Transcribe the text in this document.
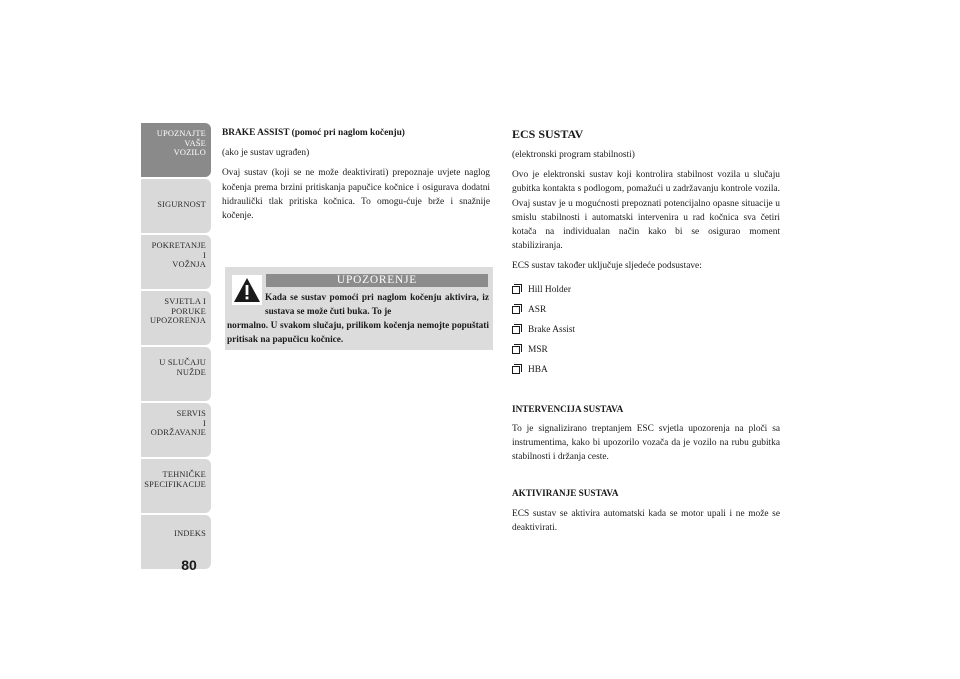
UPOZNAJTE
VAŠE
VOZILO
SIGURNOST
POKRETANJE
I
VOŽNJA
SVJETLA I
PORUKE
UPOZORENJA
U SLUČAJU
NUŽDE
SERVIS
I
ODRŽAVANJE
TEHNIČKE
SPECIFIKACIJE
INDEKS
80

BRAKE ASSIST (pomoć pri naglom kočenju)

(ako je sustav ugrađen)

Ovaj sustav (koji se ne može deaktivirati) prepoznaje uvjete naglog kočenja prema brzini pritiskanja papučice kočnice i osigurava dodatni hidraulički tlak pritiska kočnica. To omogu-ćuje brže i snažnije kočenje.

UPOZORENJE
Kada se sustav pomoći pri naglom kočenju aktivira, iz sustava se može čuti buka. To je
normalno. U svakom slučaju, prilikom kočenja nemojte popuštati pritisak na papučicu kočnice.

ECS SUSTAV

(elektronski program stabilnosti)

Ovo je elektronski sustav koji kontrolira stabilnost vozila u slučaju gubitka kontakta s podlogom, pomažući u zadržavanju kontrole vozila. Ovaj sustav je u mogućnosti prepoznati potencijalno opasne situacije u smislu stabilnosti i automatski intervenira u rad kočnica sva četiri kotača na individualan način kako bi se osigurao moment stabiliziranja.

ECS sustav također uključuje sljedeće podsustave:

Hill Holder
ASR
Brake Assist
MSR
HBA

INTERVENCIJA SUSTAVA

To je signalizirano treptanjem ESC svjetla upozorenja na ploči sa instrumentima, kako bi upozorilo vozača da je vozilo na rubu gubitka stabilnosti i držanja ceste.

AKTIVIRANJE SUSTAVA

ECS sustav se aktivira automatski kada se motor upali i ne može se deaktivirati.
